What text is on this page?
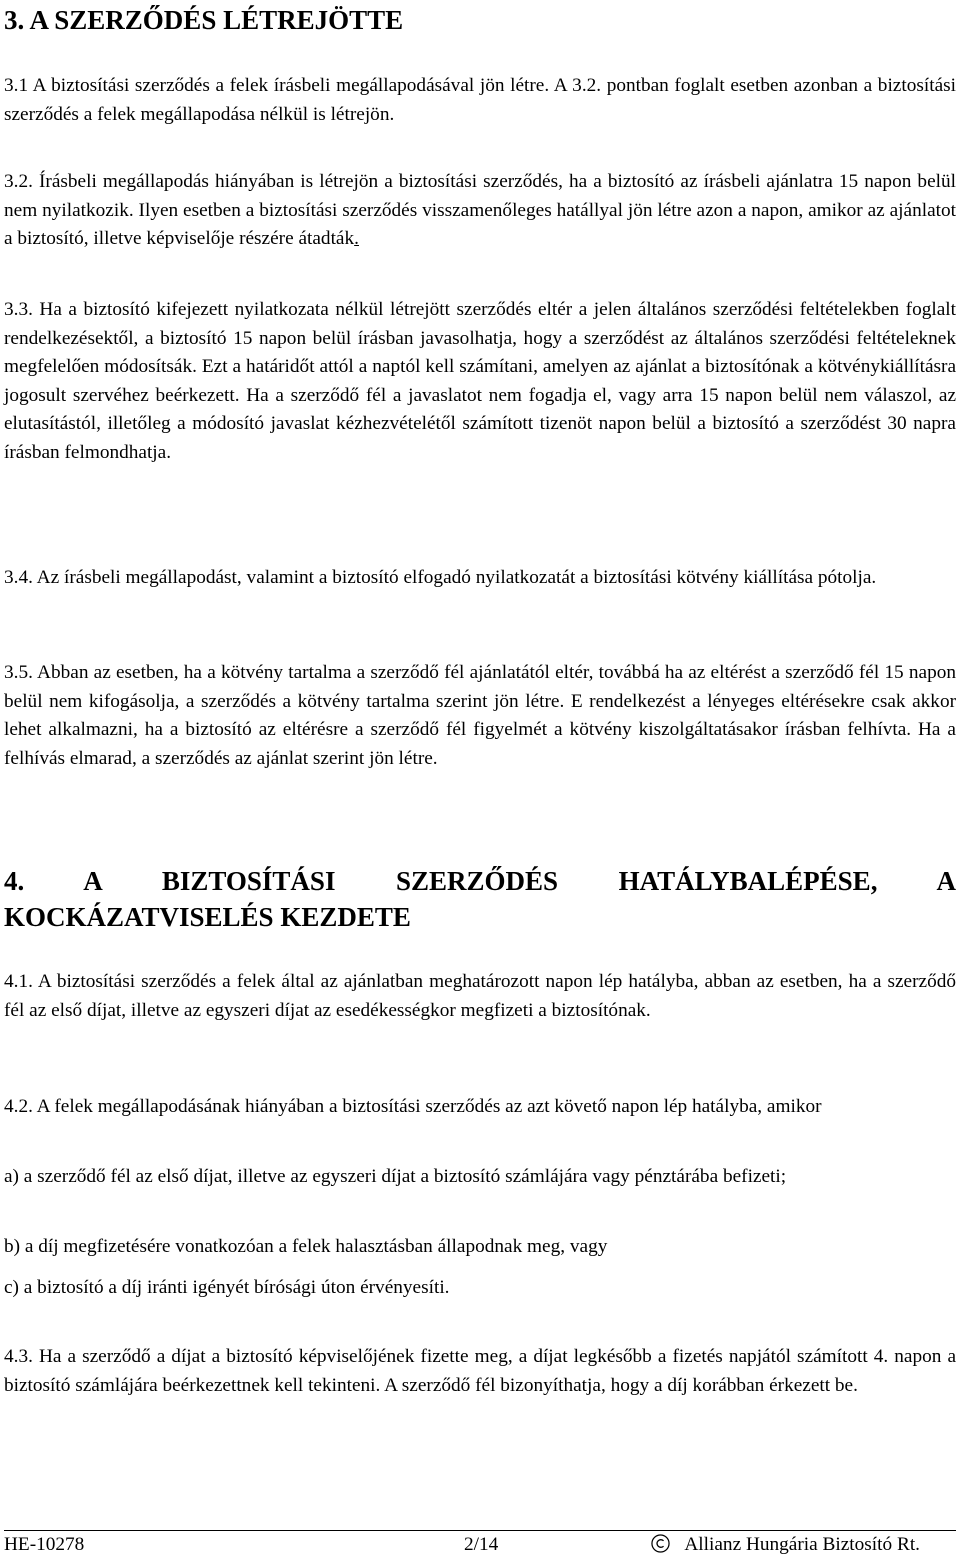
3. A SZERZŐDÉS LÉTREJÖTTE

3.1 A biztosítási szerződés a felek írásbeli megállapodásával jön létre. A 3.2. pontban foglalt esetben azonban a biztosítási szerződés a felek megállapodása nélkül is létrejön.

3.2. Írásbeli megállapodás hiányában is létrejön a biztosítási szerződés, ha a biztosító az írásbeli ajánlatra 15 napon belül nem nyilatkozik. Ilyen esetben a biztosítási szerződés visszamenőleges hatállyal jön létre azon a napon, amikor az ajánlatot a biztosító, illetve képviselője részére átadták.

3.3. Ha a biztosító kifejezett nyilatkozata nélkül létrejött szerződés eltér a jelen általános szerződési feltételekben foglalt rendelkezésektől, a biztosító 15 napon belül írásban javasolhatja, hogy a szerződést az általános szerződési feltételeknek megfelelően módosítsák. Ezt a határidőt attól a naptól kell számítani, amelyen az ajánlat a biztosítónak a kötvénykiállításra jogosult szervéhez beérkezett. Ha a szerződő fél a javaslatot nem fogadja el, vagy arra 15 napon belül nem válaszol, az elutasítástól, illetőleg a módosító javaslat kézhezvételétől számított tizenöt napon belül a biztosító a szerződést 30 napra írásban felmondhatja.

3.4. Az írásbeli megállapodást, valamint a biztosító elfogadó nyilatkozatát a biztosítási kötvény kiállítása pótolja.

3.5. Abban az esetben, ha a kötvény tartalma a szerződő fél ajánlatától eltér, továbbá ha az eltérést a szerződő fél 15 napon belül nem kifogásolja, a szerződés a kötvény tartalma szerint jön létre. E rendelkezést a lényeges eltérésekre csak akkor lehet alkalmazni, ha a biztosító az eltérésre a szerződő fél figyelmét a kötvény kiszolgáltatásakor írásban felhívta. Ha a felhívás elmarad, a szerződés az ajánlat szerint jön létre.

4. A BIZTOSÍTÁSI SZERZŐDÉS HATÁLYBALÉPÉSE, A
KOCKÁZATVISELÉS KEZDETE

4.1. A biztosítási szerződés a felek által az ajánlatban meghatározott napon lép hatályba, abban az esetben, ha a szerződő fél az első díjat, illetve az egyszeri díjat az esedékességkor megfizeti a biztosítónak.

4.2. A felek megállapodásának hiányában a biztosítási szerződés az azt követő napon lép hatályba, amikor

a) a szerződő fél az első díjat, illetve az egyszeri díjat a biztosító számlájára vagy pénztárába befizeti;

b) a díj megfizetésére vonatkozóan a felek halasztásban állapodnak meg, vagy

c) a biztosító a díj iránti igényét bírósági úton érvényesíti.

4.3. Ha a szerződő a díjat a biztosító képviselőjének fizette meg, a díjat legkésőbb a fizetés napjától számított 4. napon a biztosító számlájára beérkezettnek kell tekinteni. A szerződő fél bizonyíthatja, hogy a díj korábban érkezett be.

HE-10278	2/14	Allianz Hungária Biztosító Rt.
